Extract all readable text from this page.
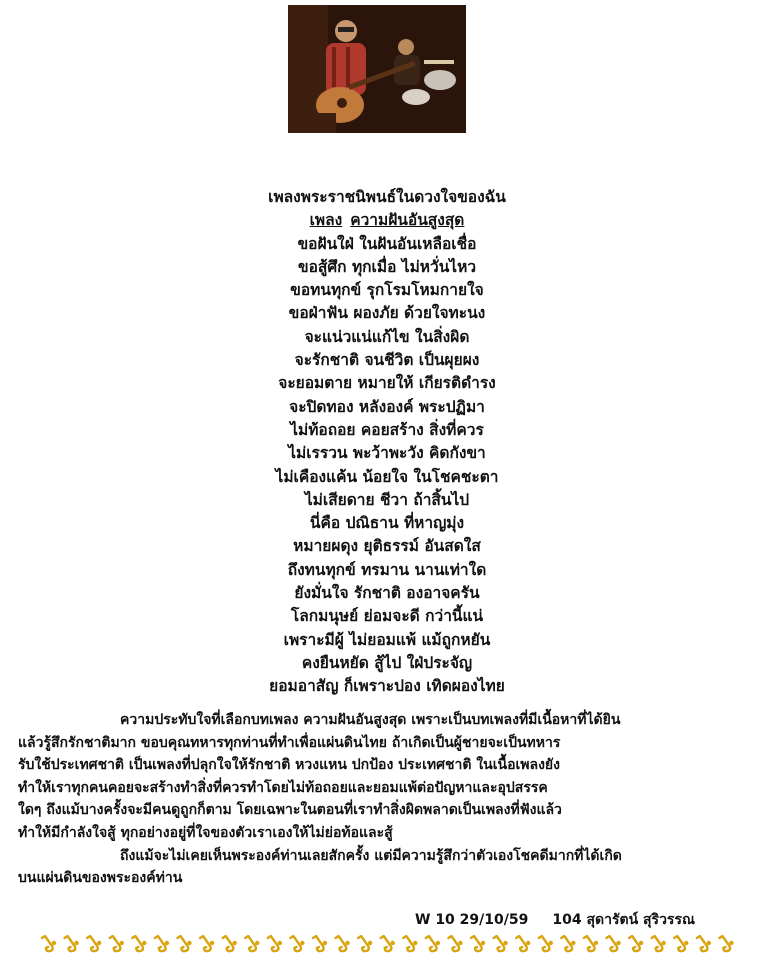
เพลงพระราชนิพนธ์ในดวงใจของฉัน
เพลง ความฝันอันสูงสุด
ขอฝันใฝ่ ในฝันอันเหลือเชื่อ
ขอสู้ศึก ทุกเมื่อ ไม่หวั่นไหว
ขอทนทุกข์ รุกโรมโหมกายใจ
ขอฝ่าฟัน ผองภัย ด้วยใจทะนง
จะแน่วแน่แก้ไข ในสิ่งผิด
จะรักชาติ จนชีวิต เป็นผุยผง
จะยอมตาย หมายให้ เกียรติดำรง
จะปิดทอง หลังองค์ พระปฏิมา
ไม่ท้อถอย คอยสร้าง สิ่งที่ควร
ไม่เรรวน พะว้าพะวัง คิดกังขา
ไม่เคืองแค้น น้อยใจ ในโชคชะตา
ไม่เสียดาย ชีวา ถ้าสิ้นไป
นี่คือ ปณิธาน ที่หาญมุ่ง
หมายผดุง ยุติธรรม์ อันสดใส
ถึงทนทุกข์ ทรมาน นานเท่าใด
ยังมั่นใจ รักชาติ องอาจครัน
โลกมนุษย์ ย่อมจะดี กว่านี้แน่
เพราะมีผู้ ไม่ยอมแพ้ แม้ถูกหยัน
คงยืนหยัด สู้ไป ใฝ่ประจัญ
ยอมอาสัญ ก็เพราะปอง เทิดผองไทย

ความประทับใจที่เลือกบทเพลง ความฝันอันสูงสุด เพราะเป็นบทเพลงที่มีเนื้อหาที่ได้ยิน

แล้วรู้สึกรักชาติมาก ขอบคุณทหารทุกท่านที่ทำเพื่อแผ่นดินไทย ถ้าเกิดเป็นผู้ชายจะเป็นทหาร

รับใช้ประเทศชาติ เป็นเพลงที่ปลุกใจให้รักชาติ หวงแหน ปกป้อง ประเทศชาติ ในเนื้อเพลงยัง

ทำให้เราทุกคนคอยจะสร้างทำสิ่งที่ควรทำโดยไม่ท้อถอยและยอมแพ้ต่อปัญหาและอุปสรรค

ใดๆ ถึงแม้บางครั้งจะมีคนดูถูกก็ตาม โดยเฉพาะในตอนที่เราทำสิ่งผิดพลาดเป็นเพลงที่ฟังแล้ว

ทำให้มีกำลังใจสู้ ทุกอย่างอยู่ที่ใจของตัวเราเองให้ไม่ย่อท้อและสู้

ถึงแม้จะไม่เคยเห็นพระองค์ท่านเลยสักครั้ง แต่มีความรู้สึกว่าตัวเองโชคดีมากที่ได้เกิด

บนแผ่นดินของพระองค์ท่าน

W 10 29/10/59 104 สุดารัตน์ สุริวรรณ
